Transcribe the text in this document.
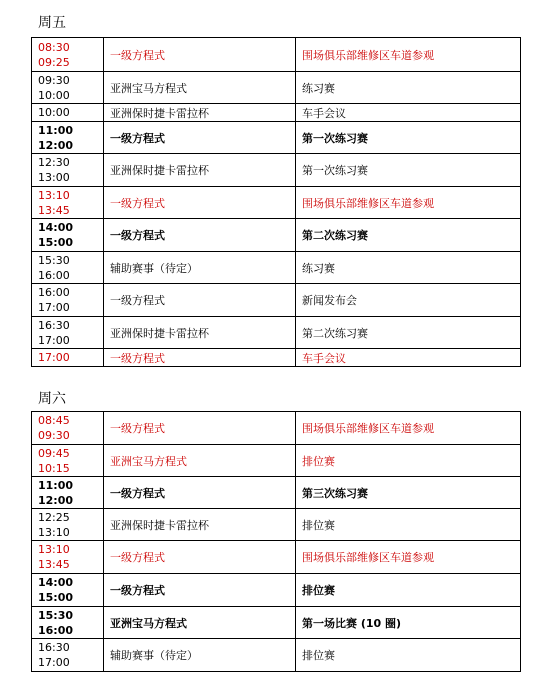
周五
08:30
09:25	一级方程式	围场俱乐部维修区车道参观

09:30
10:00	亚洲宝马方程式	练习赛

10:00	亚洲保时捷卡雷拉杯	车手会议

11:00
12:00	一级方程式	第一次练习赛

12:30
13:00	亚洲保时捷卡雷拉杯	第一次练习赛

13:10
13:45	一级方程式	围场俱乐部维修区车道参观

14:00
15:00	一级方程式	第二次练习赛

15:30
16:00	辅助赛事（待定）	练习赛

16:00
17:00	一级方程式	新闻发布会

16:30
17:00	亚洲保时捷卡雷拉杯	第二次练习赛

17:00	一级方程式	车手会议
周六
08:45
09:30	一级方程式	围场俱乐部维修区车道参观

09:45
10:15	亚洲宝马方程式	排位赛

11:00
12:00	一级方程式	第三次练习赛

12:25
13:10	亚洲保时捷卡雷拉杯	排位赛

13:10
13:45	一级方程式	围场俱乐部维修区车道参观

14:00
15:00	一级方程式	排位赛

15:30
16:00	亚洲宝马方程式	第一场比赛 (10 圈)

16:30
17:00	辅助赛事（待定）	排位赛
